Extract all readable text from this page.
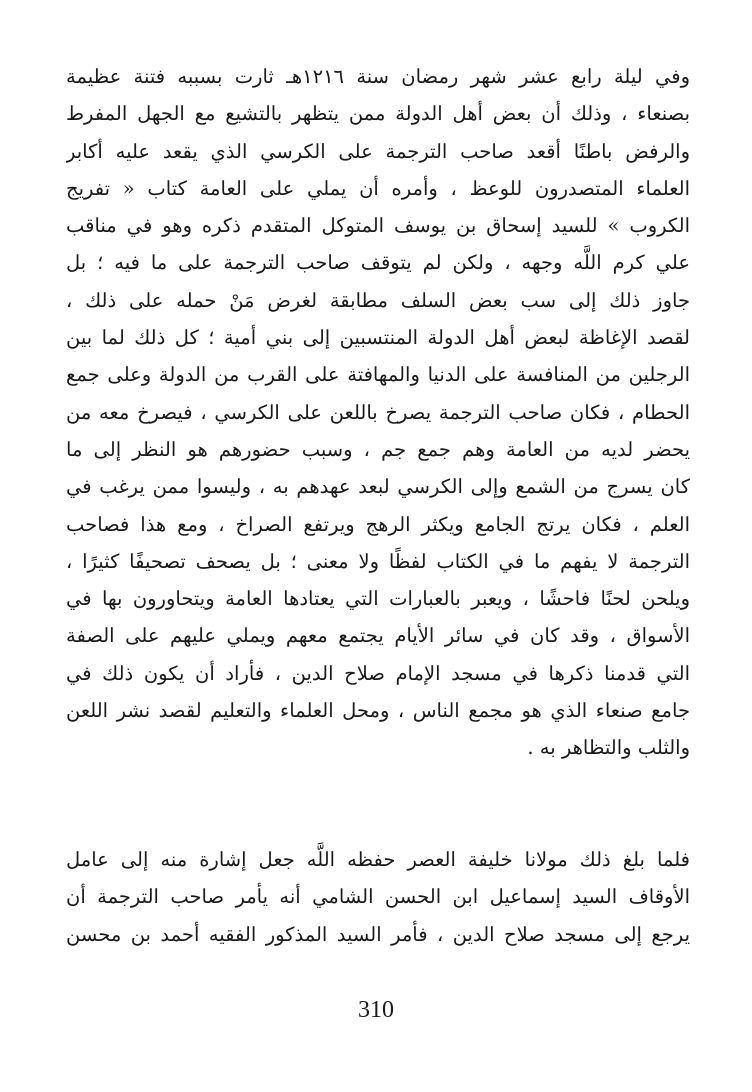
وفي ليلة رابع عشر شهر رمضان سنة ١٢١٦هـ ثارت بسببه فتنة عظيمة
بصنعاء ، وذلك أن بعض أهل الدولة ممن يتظهر بالتشيع مع الجهل المفرط
والرفض باطنًا أقعد صاحب الترجمة على الكرسي الذي يقعد عليه أكابر
العلماء المتصدرون للوعظ ، وأمره أن يملي على العامة كتاب « تفريج
الكروب » للسيد إسحاق بن يوسف المتوكل المتقدم ذكره وهو في مناقب
علي كرم اللَّه وجهه ، ولكن لم يتوقف صاحب الترجمة على ما فيه ؛ بل
جاوز ذلك إلى سب بعض السلف مطابقة لغرض مَنْ حمله على ذلك ،
لقصد الإغاظة لبعض أهل الدولة المنتسبين إلى بني أمية ؛ كل ذلك لما بين
الرجلين من المنافسة على الدنيا والمهافتة على القرب من الدولة وعلى جمع
الحطام ، فكان صاحب الترجمة يصرخ باللعن على الكرسي ، فيصرخ معه من
يحضر لديه من العامة وهم جمع جم ، وسبب حضورهم هو النظر إلى ما
كان يسرج من الشمع وإلى الكرسي لبعد عهدهم به ، وليسوا ممن يرغب في
العلم ، فكان يرتج الجامع ويكثر الرهج ويرتفع الصراخ ، ومع هذا فصاحب
الترجمة لا يفهم ما في الكتاب لفظًا ولا معنى ؛ بل يصحف تصحيفًا كثيرًا ،
ويلحن لحنًا فاحشًا ، ويعبر بالعبارات التي يعتادها العامة ويتحاورون بها في
الأسواق ، وقد كان في سائر الأيام يجتمع معهم ويملي عليهم على الصفة
التي قدمنا ذكرها في مسجد الإمام صلاح الدين ، فأراد أن يكون ذلك في
جامع صنعاء الذي هو مجمع الناس ، ومحل العلماء والتعليم لقصد نشر اللعن
والثلب والتظاهر به .
فلما بلغ ذلك مولانا خليفة العصر حفظه اللَّه جعل إشارة منه إلى عامل
الأوقاف السيد إسماعيل ابن الحسن الشامي أنه يأمر صاحب الترجمة أن
يرجع إلى مسجد صلاح الدين ، فأمر السيد المذكور الفقيه أحمد بن محسن
310
